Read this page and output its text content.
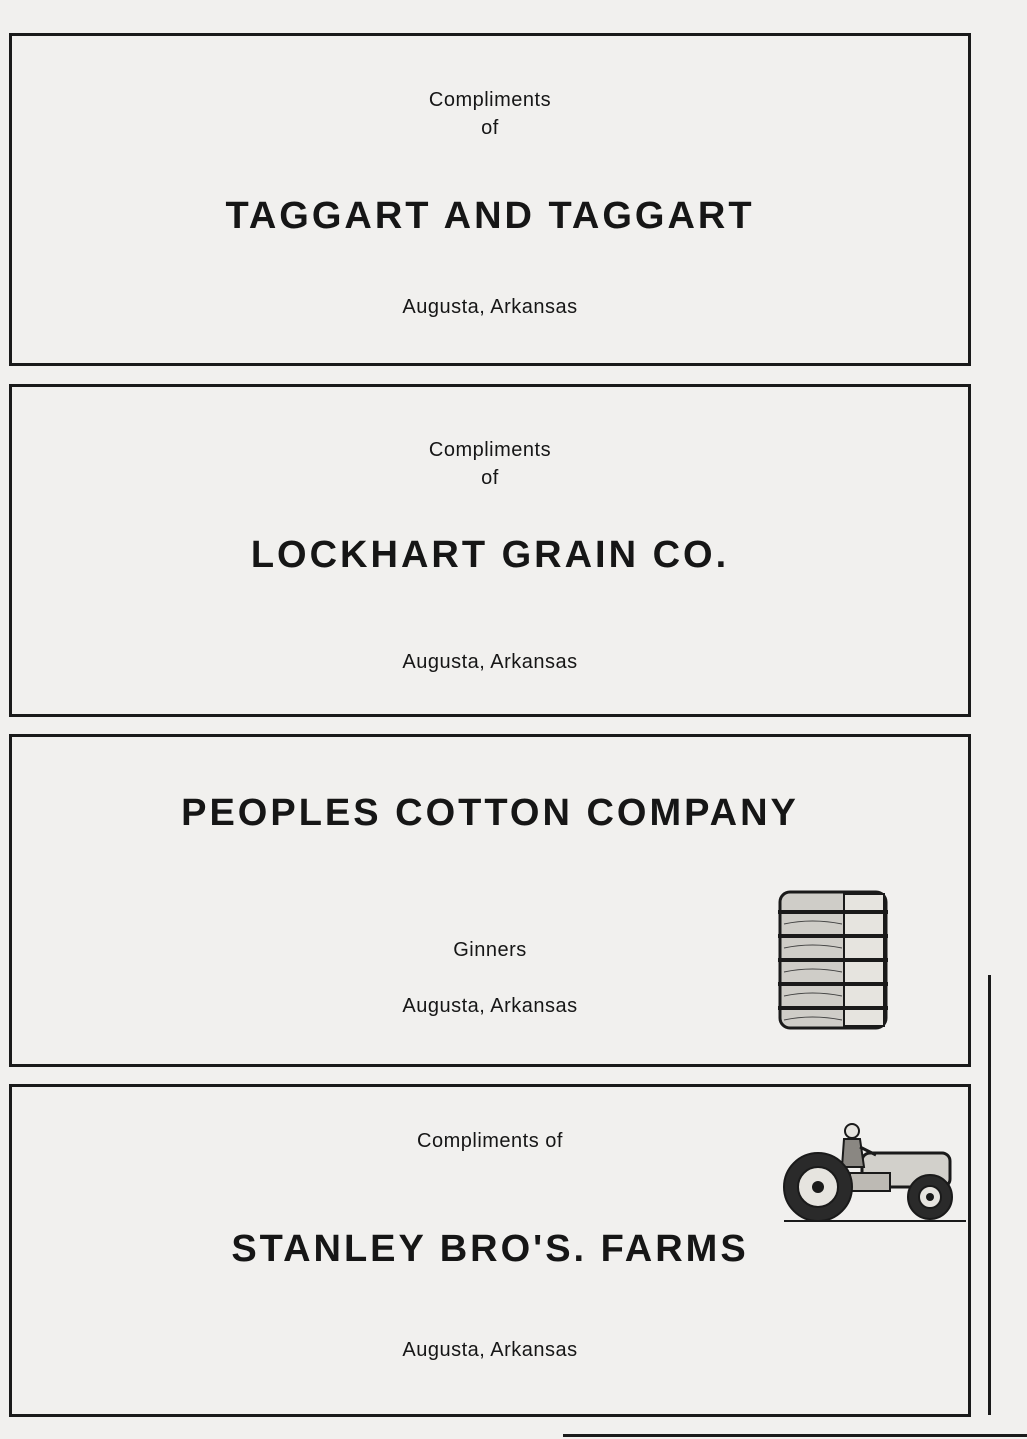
Compliments
of
TAGGART AND TAGGART
Augusta, Arkansas
Compliments
of
LOCKHART GRAIN CO.
Augusta, Arkansas
PEOPLES COTTON COMPANY
Ginners
Augusta, Arkansas
Compliments of
STANLEY BRO'S. FARMS
Augusta, Arkansas
